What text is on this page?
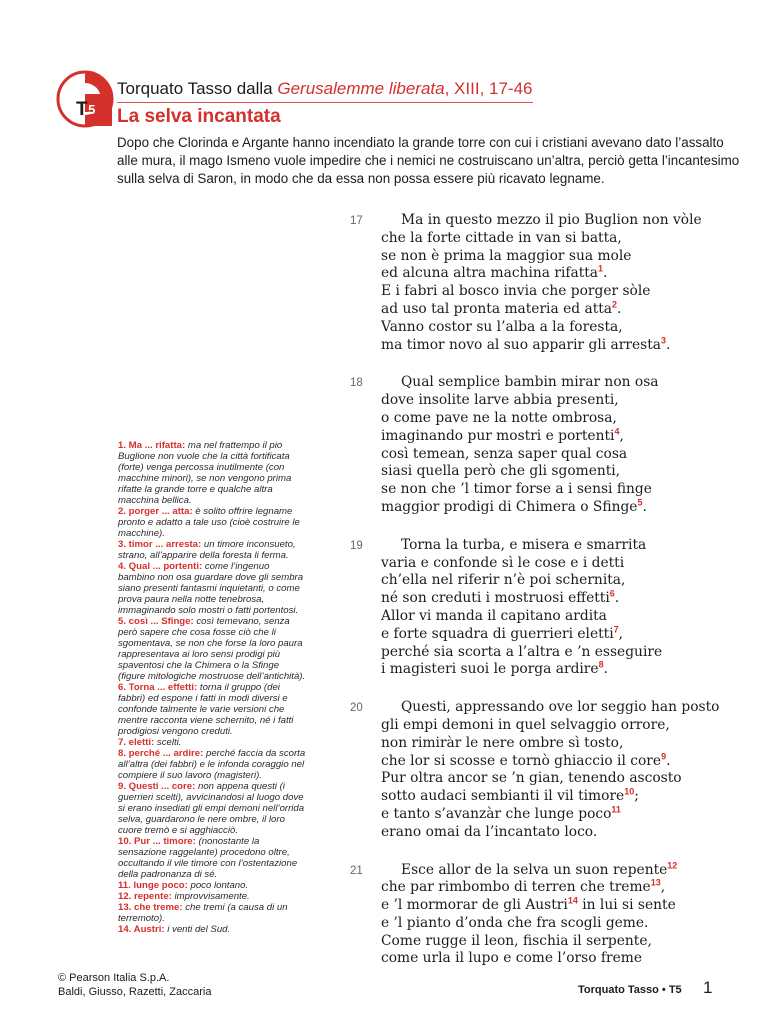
T5
Torquato Tasso dalla Gerusalemme liberata, XIII, 17-46
La selva incantata
Dopo che Clorinda e Argante hanno incendiato la grande torre con cui i cristiani avevano dato l’assalto alle mura, il mago Ismeno vuole impedire che i nemici ne costruiscano un’altra, perciò getta l’incantesimo sulla selva di Saron, in modo che da essa non possa essere più ricavato legname.
1. Ma ... rifatta: ma nel frattempo il pio Buglione non vuole che la città fortificata (forte) venga percossa inutilmente (con macchine minori), se non vengono prima rifatte la grande torre e qualche altra macchina bellica.
2. porger ... atta: è solito offrire legname pronto e adatto a tale uso (cioè costruire le macchine).
3. timor ... arresta: un timore inconsueto, strano, all’apparire della foresta li ferma.
4. Qual ... portenti: come l’ingenuo bambino non osa guardare dove gli sembra siano presenti fantasmi inquietanti, o come prova paura nella notte tenebrosa, immaginando solo mostri o fatti portentosi.
5. così ... Sfinge: così temevano, senza però sapere che cosa fosse ciò che li sgomentava, se non che forse la loro paura rappresentava ai loro sensi prodigi più spaventosi che la Chimera o la Sfinge (figure mitologiche mostruose dell’antichità).
6. Torna ... effetti: torna il gruppo (dei fabbri) ed espone i fatti in modi diversi e confonde talmente le varie versioni che mentre racconta viene schernito, né i fatti prodigiosi vengono creduti.
7. eletti: scelti.
8. perché ... ardire: perché faccia da scorta all’altra (dei fabbri) e le infonda coraggio nel compiere il suo lavoro (magisteri).
9. Questi ... core: non appena questi (i guerrieri scelti), avvicinandosi al luogo dove si erano insediati gli empi demoni nell’orrida selva, guardarono le nere ombre, il loro cuore tremò e si agghiacciò.
10. Pur ... timore: (nonostante la sensazione raggelante) procedono oltre, occultando il vile timore con l’ostentazione della padronanza di sé.
11. lunge poco: poco lontano.
12. repente: improvvisamente.
13. che treme: che tremi (a causa di un terremoto).
14. Austri: i venti del Sud.
17	Ma in questo mezzo il pio Buglion non vòle
che la forte cittade in van si batta,
se non è prima la maggior sua mole
ed alcuna altra machina rifatta$^1$.
E i fabri al bosco invia che porger sòle
ad uso tal pronta materia ed atta$^2$.
Vanno costor su l’alba a la foresta,
ma timor novo al suo apparir gli arresta$^3$.
18	Qual semplice bambin mirar non osa
dove insolite larve abbia presenti,
o come pave ne la notte ombrosa,
imaginando pur mostri e portenti$^4$,
così temean, senza saper qual cosa
siasi quella però che gli sgomenti,
se non che ’l timor forse a i sensi finge
maggior prodigi di Chimera o Sfinge$^5$.
19	Torna la turba, e misera e smarrita
varia e confonde sì le cose e i detti
ch’ella nel riferir n’è poi schernita,
né son creduti i mostruosi effetti$^6$.
Allor vi manda il capitano ardita
e forte squadra di guerrieri eletti$^7$,
perché sia scorta a l’altra e ’n esseguire
i magisteri suoi le porga ardire$^8$.
20	Questi, appressando ove lor seggio han posto
gli empi demoni in quel selvaggio orrore,
non rimiràr le nere ombre sì tosto,
che lor si scosse e tornò ghiaccio il core$^9$.
Pur oltra ancor se ’n gian, tenendo ascosto
sotto audaci sembianti il vil timore$^{10}$;
e tanto s’avanzàr che lunge poco$^{11}$
erano omai da l’incantato loco.
21	Esce allor de la selva un suon repente$^{12}$
che par rimbombo di terren che treme$^{13}$,
e ’l mormorar de gli Austri$^{14}$ in lui si sente
e ’l pianto d’onda che fra scogli geme.
Come rugge il leon, fischia il serpente,
come urla il lupo e come l’orso freme
© Pearson Italia S.p.A.
Baldi, Giusso, Razetti, Zaccaria	Torquato Tasso • T5 1
